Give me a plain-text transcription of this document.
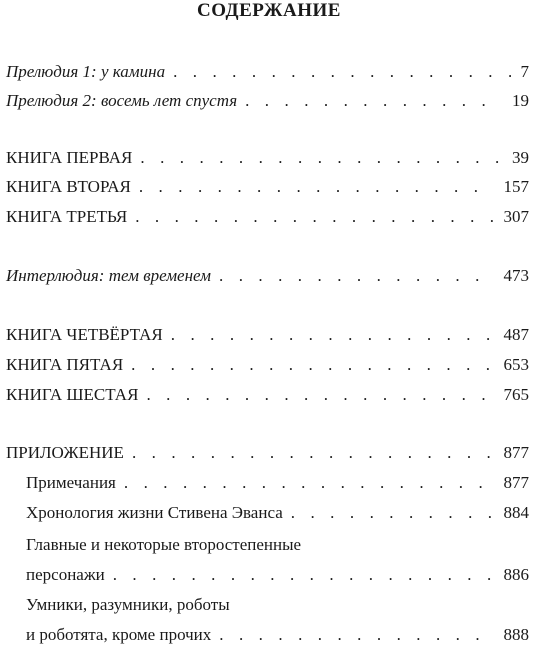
СОДЕРЖАНИЕ
Прелюдия 1: у камина . . .	7
Прелюдия 2: восемь лет спустя . . .	19
КНИГА ПЕРВАЯ . . .	39
КНИГА ВТОРАЯ . . .	157
КНИГА ТРЕТЬЯ . . .	307
Интерлюдия: тем временем . . .	473
КНИГА ЧЕТВЁРТАЯ . . .	487
КНИГА ПЯТАЯ . . .	653
КНИГА ШЕСТАЯ . . .	765
ПРИЛОЖЕНИЕ . . .	877
Примечания . . .	877
Хронология жизни Стивена Эванса . . .	884
Главные и некоторые второстепенные
персонажи . . .	886
Умники, разумники, роботы
и роботята, кроме прочих . . .	888
